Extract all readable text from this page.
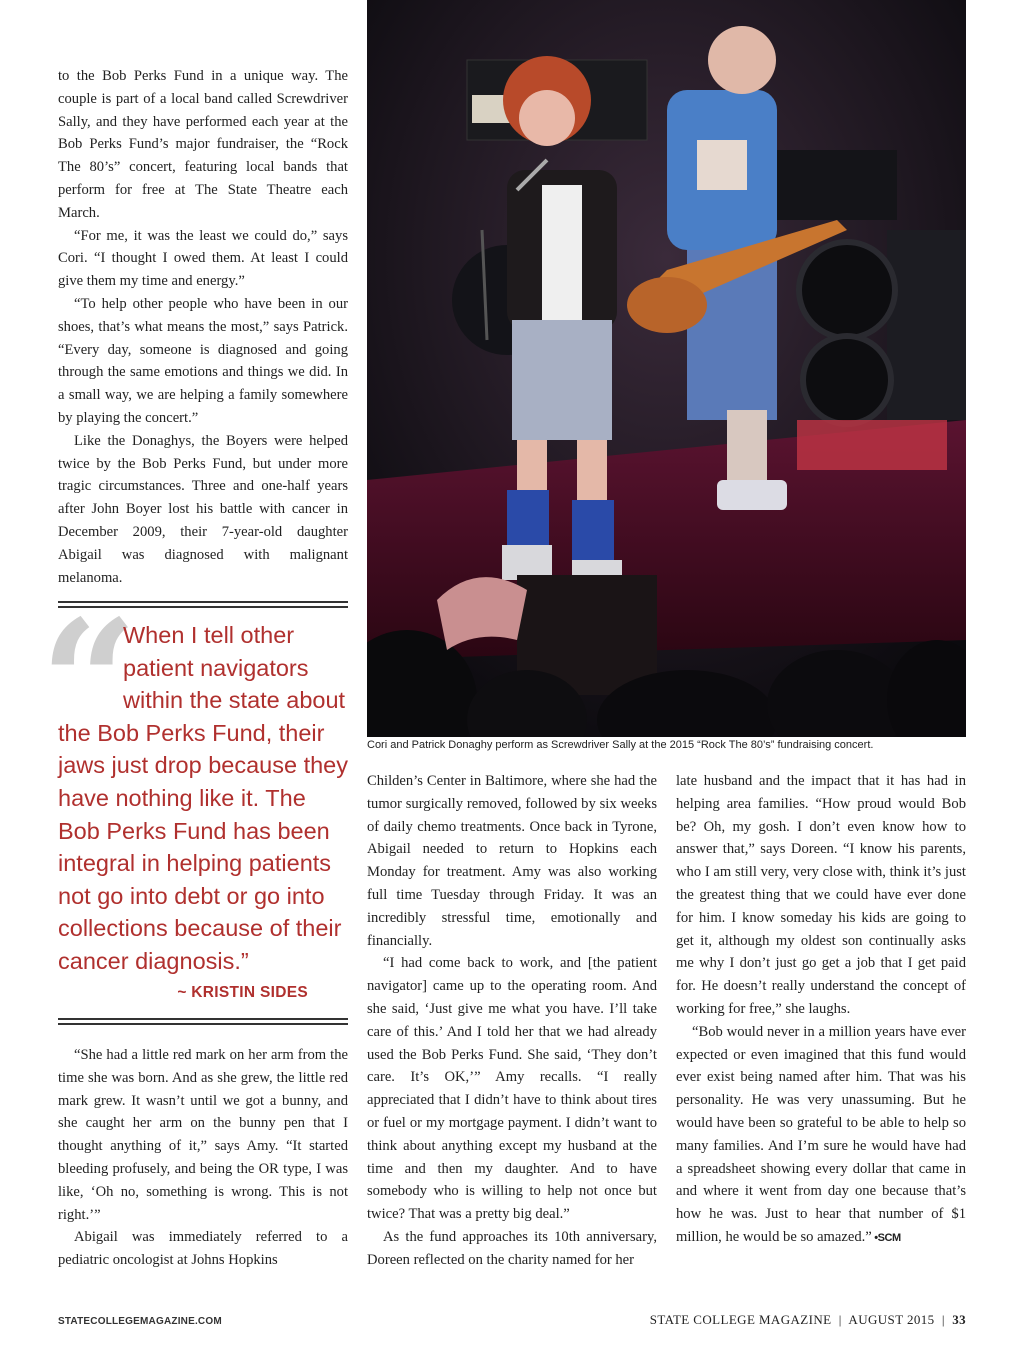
to the Bob Perks Fund in a unique way. The couple is part of a local band called Screwdriver Sally, and they have performed each year at the Bob Perks Fund’s major fundraiser, the “Rock The 80’s” concert, featuring local bands that perform for free at The State Theatre each March.

“For me, it was the least we could do,” says Cori. “I thought I owed them. At least I could give them my time and energy.”

“To help other people who have been in our shoes, that’s what means the most,” says Patrick. “Every day, someone is diagnosed and going through the same emotions and things we did. In a small way, we are helping a family somewhere by playing the concert.”

Like the Donaghys, the Boyers were helped twice by the Bob Perks Fund, but under more tragic circumstances. Three and one-half years after John Boyer lost his battle with cancer in December 2009, their 7-year-old daughter Abigail was diagnosed with malignant melanoma.

“
When I tell other
patient navigators
within the state about
the Bob Perks Fund, their jaws just drop because they have nothing like it. The Bob Perks Fund has been integral in helping patients not go into debt or go into collections because of their cancer diagnosis.”
~ KRISTIN SIDES

“She had a little red mark on her arm from the time she was born. And as she grew, the little red mark grew. It wasn’t until we got a bunny, and she caught her arm on the bunny pen that I thought anything of it,” says Amy. “It started bleeding profusely, and being the OR type, I was like, ‘Oh no, something is wrong. This is not right.’”

Abigail was immediately referred to a pediatric oncologist at Johns Hopkins

Cori and Patrick Donaghy perform as Screwdriver Sally at the 2015 “Rock The 80’s” fundraising concert.

Childen’s Center in Baltimore, where she had the tumor surgically removed, followed by six weeks of daily chemo treatments. Once back in Tyrone, Abigail needed to return to Hopkins each Monday for treatment. Amy was also working full time Tuesday through Friday. It was an incredibly stressful time, emotionally and financially.

“I had come back to work, and [the patient navigator] came up to the operating room. And she said, ‘Just give me what you have. I’ll take care of this.’ And I told her that we had already used the Bob Perks Fund. She said, ‘They don’t care. It’s OK,’” Amy recalls. “I really appreciated that I didn’t have to think about tires or fuel or my mortgage payment. I didn’t want to think about anything except my husband at the time and then my daughter. And to have somebody who is willing to help not once but twice? That was a pretty big deal.”

As the fund approaches its 10th anniversary, Doreen reflected on the charity named for her

late husband and the impact that it has had in helping area families. “How proud would Bob be? Oh, my gosh. I don’t even know how to answer that,” says Doreen. “I know his parents, who I am still very, very close with, think it’s just the greatest thing that we could have ever done for him. I know someday his kids are going to get it, although my oldest son continually asks me why I don’t just go get a job that I get paid for. He doesn’t really understand the concept of working for free,” she laughs.

“Bob would never in a million years have ever expected or even imagined that this fund would ever exist being named after him. That was his personality. He was very unassuming. But he would have been so grateful to be able to help so many families. And I’m sure he would have had a spreadsheet showing every dollar that came in and where it went from day one because that’s how he was. Just to hear that number of $1 million, he would be so amazed.” •SCM

STATECOLLEGEMAGAZINE.COM	STATE COLLEGE MAGAZINE | AUGUST 2015 | 33
